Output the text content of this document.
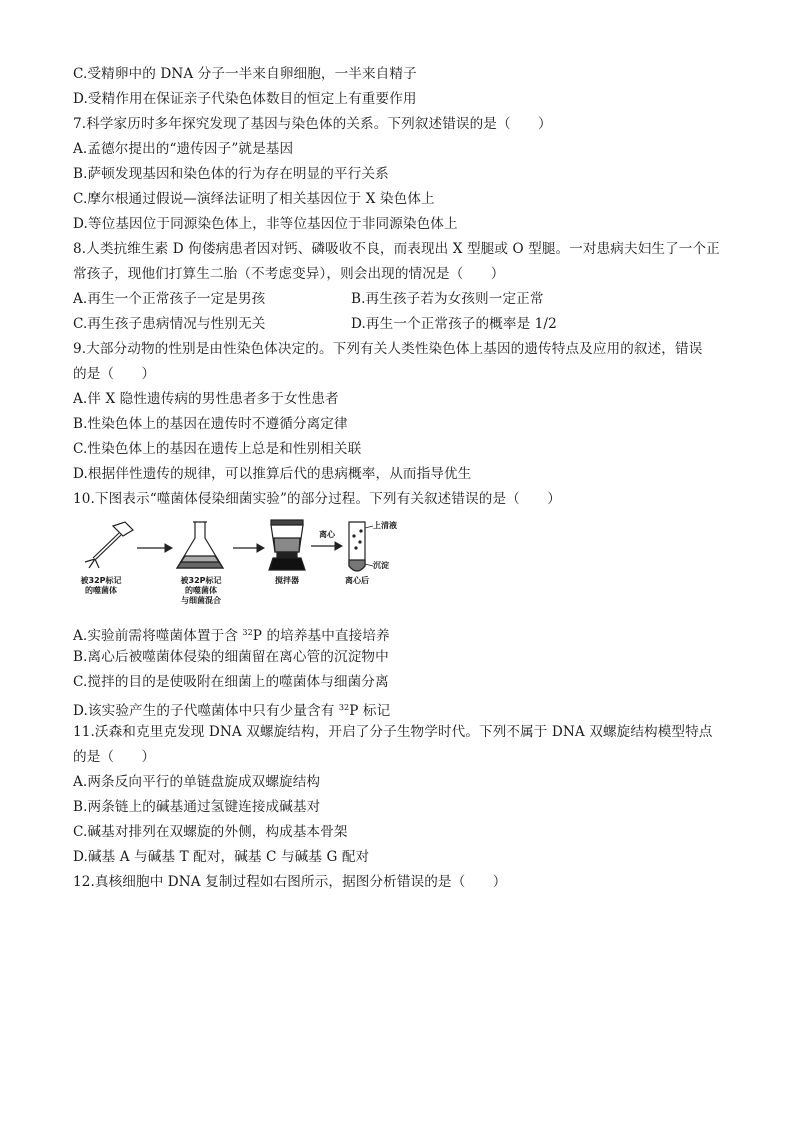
C.受精卵中的 DNA 分子一半来自卵细胞，一半来自精子
D.受精作用在保证亲子代染色体数目的恒定上有重要作用
7.科学家历时多年探究发现了基因与染色体的关系。下列叙述错误的是（　　）
A.孟德尔提出的“遗传因子”就是基因
B.萨顿发现基因和染色体的行为存在明显的平行关系
C.摩尔根通过假说—演绎法证明了相关基因位于 X 染色体上
D.等位基因位于同源染色体上，非等位基因位于非同源染色体上
8.人类抗维生素 D 佝偻病患者因对钙、磷吸收不良，而表现出 X 型腿或 O 型腿。一对患病夫妇生了一个正
常孩子，现他们打算生二胎（不考虑变异），则会出现的情况是（　　）
A.再生一个正常孩子一定是男孩	B.再生孩子若为女孩则一定正常
C.再生孩子患病情况与性别无关	D.再生一个正常孩子的概率是 1/2
9.大部分动物的性别是由性染色体决定的。下列有关人类性染色体上基因的遗传特点及应用的叙述，错误
的是（　　）
A.伴 X 隐性遗传病的男性患者多于女性患者
B.性染色体上的基因在遗传时不遵循分离定律
C.性染色体上的基因在遗传上总是和性别相关联
D.根据伴性遗传的规律，可以推算后代的患病概率，从而指导优生
10.下图表示“噬菌体侵染细菌实验”的部分过程。下列有关叙述错误的是（　　）
被32P标记
的噬菌体
被32P标记
的噬菌体
与细菌混合
搅拌器
离心
离心后
上清液
沉淀
A.实验前需将噬菌体置于含 $^{32}$P 的培养基中直接培养
B.离心后被噬菌体侵染的细菌留在离心管的沉淀物中
C.搅拌的目的是使吸附在细菌上的噬菌体与细菌分离
D.该实验产生的子代噬菌体中只有少量含有 $^{32}$P 标记
11.沃森和克里克发现 DNA 双螺旋结构，开启了分子生物学时代。下列不属于 DNA 双螺旋结构模型特点
的是（　　）
A.两条反向平行的单链盘旋成双螺旋结构
B.两条链上的碱基通过氢键连接成碱基对
C.碱基对排列在双螺旋的外侧，构成基本骨架
D.碱基 A 与碱基 T 配对，碱基 C 与碱基 G 配对
12.真核细胞中 DNA 复制过程如右图所示，据图分析错误的是（　　）
